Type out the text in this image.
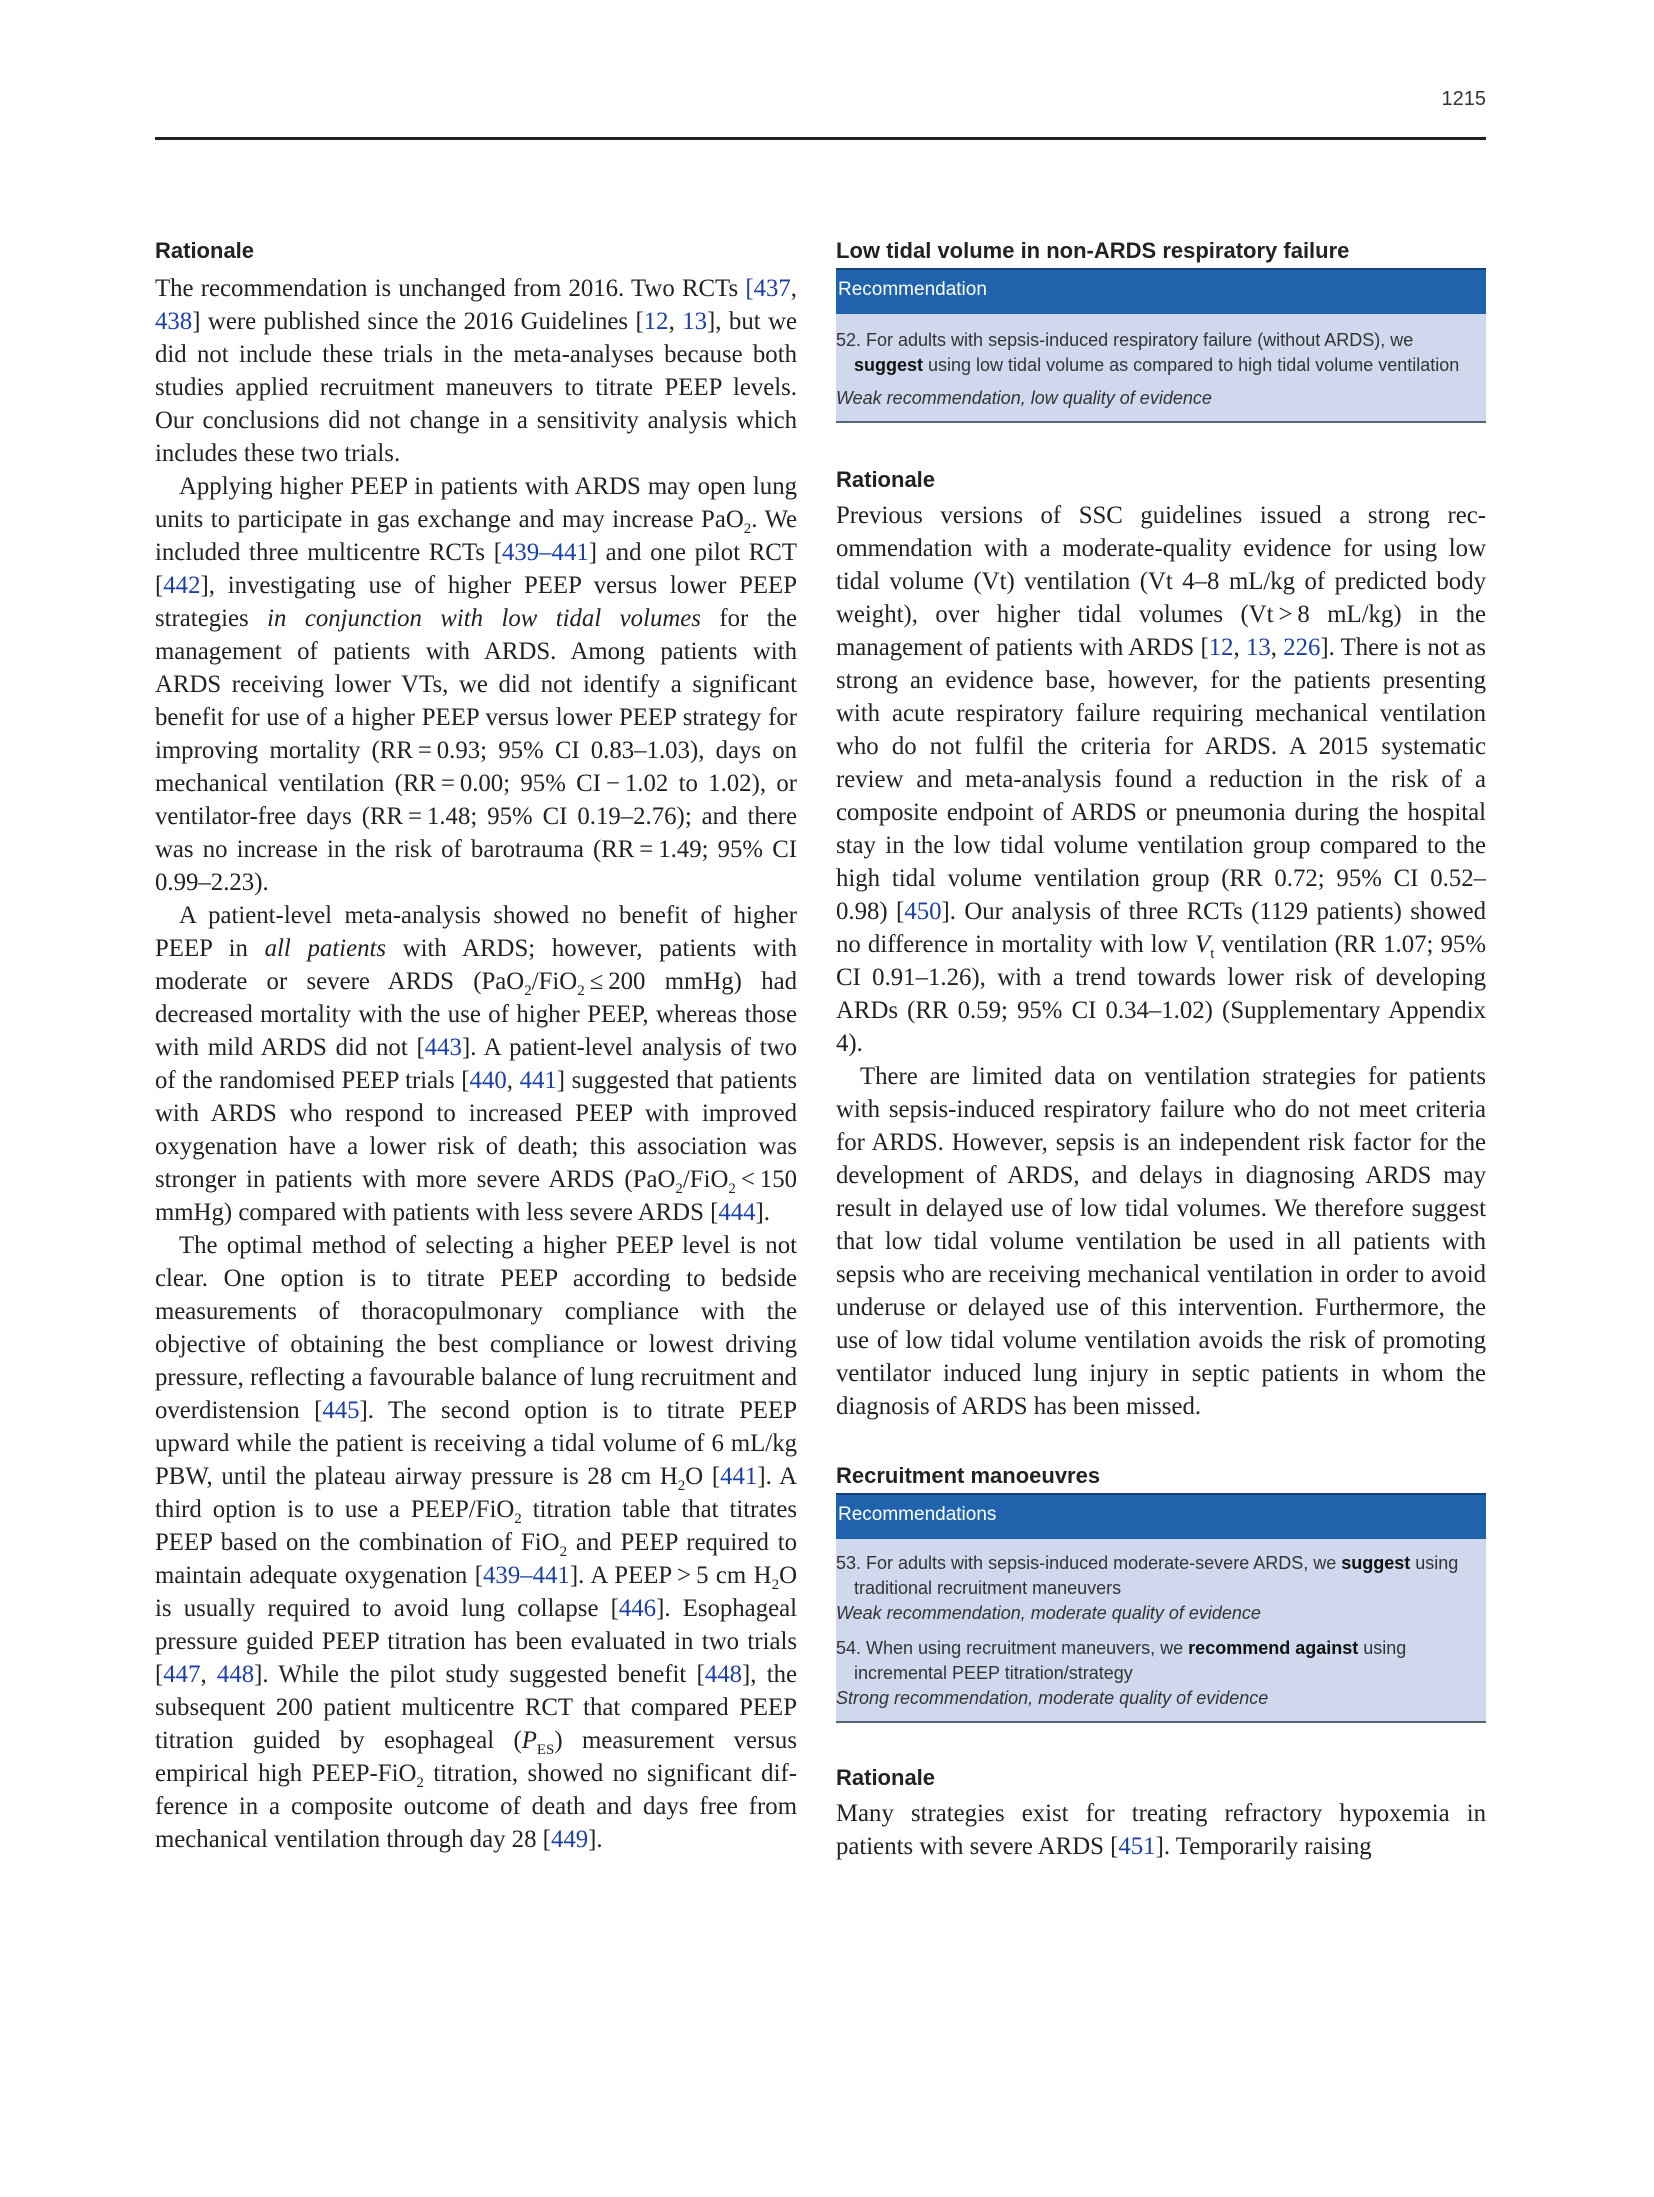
1215
Rationale

The recommendation is unchanged from 2016. Two RCTs [437, 438] were published since the 2016 Guidelines [12, 13], but we did not include these trials in the meta-analyses because both studies applied recruitment maneuvers to titrate PEEP levels. Our conclusions did not change in a sensitivity analysis which includes these two trials.

Applying higher PEEP in patients with ARDS may open lung units to participate in gas exchange and may increase PaO$_2$. We included three multicentre RCTs [439–441] and one pilot RCT [442], investigating use of higher PEEP versus lower PEEP strategies in conjunction with low tidal volumes for the management of patients with ARDS. Among patients with ARDS receiving lower VTs, we did not identify a significant benefit for use of a higher PEEP versus lower PEEP strategy for improving mortality (RR = 0.93; 95% CI 0.83–1.03), days on mechanical ventilation (RR = 0.00; 95% CI − 1.02 to 1.02), or ventilator-free days (RR = 1.48; 95% CI 0.19–2.76); and there was no increase in the risk of barotrauma (RR = 1.49; 95% CI 0.99–2.23).

A patient-level meta-analysis showed no benefit of higher PEEP in all patients with ARDS; however, patients with moderate or severe ARDS (PaO$_2$/FiO$_2$ ≤ 200 mmHg) had decreased mortality with the use of higher PEEP, whereas those with mild ARDS did not [443]. A patient-level analysis of two of the randomised PEEP trials [440, 441] suggested that patients with ARDS who respond to increased PEEP with improved oxygenation have a lower risk of death; this association was stronger in patients with more severe ARDS (PaO$_2$/FiO$_2$ < 150 mmHg) compared with patients with less severe ARDS [444].

The optimal method of selecting a higher PEEP level is not clear. One option is to titrate PEEP according to bedside measurements of thoracopulmonary compliance with the objective of obtaining the best compliance or lowest driving pressure, reflecting a favourable balance of lung recruitment and overdistension [445]. The second option is to titrate PEEP upward while the patient is receiving a tidal volume of 6 mL/kg PBW, until the plateau airway pressure is 28 cm $H_2O$ [441]. A third option is to use a PEEP/FiO$_2$ titration table that titrates PEEP based on the combination of FiO$_2$ and PEEP required to maintain adequate oxygenation [439–441]. A PEEP > 5 cm $H_2O$ is usually required to avoid lung collapse [446]. Esophageal pressure guided PEEP titration has been evaluated in two trials [447, 448]. While the pilot study suggested benefit [448], the subsequent 200 patient multicentre RCT that compared PEEP titration guided by esophageal $(P_{ES})$ measurement versus empirical high PEEP-FiO$_2$ titration, showed no significant difference in a composite outcome of death and days free from mechanical ventilation through day 28 [449].

Low tidal volume in non-ARDS respiratory failure
Recommendation

52. For adults with sepsis-induced respiratory failure (without ARDS), we suggest using low tidal volume as compared to high tidal volume ventilation

Weak recommendation, low quality of evidence

Rationale

Previous versions of SSC guidelines issued a strong recommendation with a moderate-quality evidence for using low tidal volume (Vt) ventilation (Vt 4–8 mL/kg of predicted body weight), over higher tidal volumes (Vt > 8 mL/kg) in the management of patients with ARDS [12, 13, 226]. There is not as strong an evidence base, however, for the patients presenting with acute respiratory failure requiring mechanical ventilation who do not fulfil the criteria for ARDS. A 2015 systematic review and meta-analysis found a reduction in the risk of a composite endpoint of ARDS or pneumonia during the hospital stay in the low tidal volume ventilation group compared to the high tidal volume ventilation group (RR 0.72; 95% CI 0.52–0.98) [450]. Our analysis of three RCTs (1129 patients) showed no difference in mortality with low $V_t$ ventilation (RR 1.07; 95% CI 0.91–1.26), with a trend towards lower risk of developing ARDs (RR 0.59; 95% CI 0.34–1.02) (Supplementary Appendix 4).

There are limited data on ventilation strategies for patients with sepsis-induced respiratory failure who do not meet criteria for ARDS. However, sepsis is an independent risk factor for the development of ARDS, and delays in diagnosing ARDS may result in delayed use of low tidal volumes. We therefore suggest that low tidal volume ventilation be used in all patients with sepsis who are receiving mechanical ventilation in order to avoid underuse or delayed use of this intervention. Furthermore, the use of low tidal volume ventilation avoids the risk of promoting ventilator induced lung injury in septic patients in whom the diagnosis of ARDS has been missed.

Recruitment manoeuvres
Recommendations

53. For adults with sepsis-induced moderate-severe ARDS, we suggest using traditional recruitment maneuvers

Weak recommendation, moderate quality of evidence

54. When using recruitment maneuvers, we recommend against using incremental PEEP titration/strategy

Strong recommendation, moderate quality of evidence

Rationale

Many strategies exist for treating refractory hypoxemia in patients with severe ARDS [451]. Temporarily raising
